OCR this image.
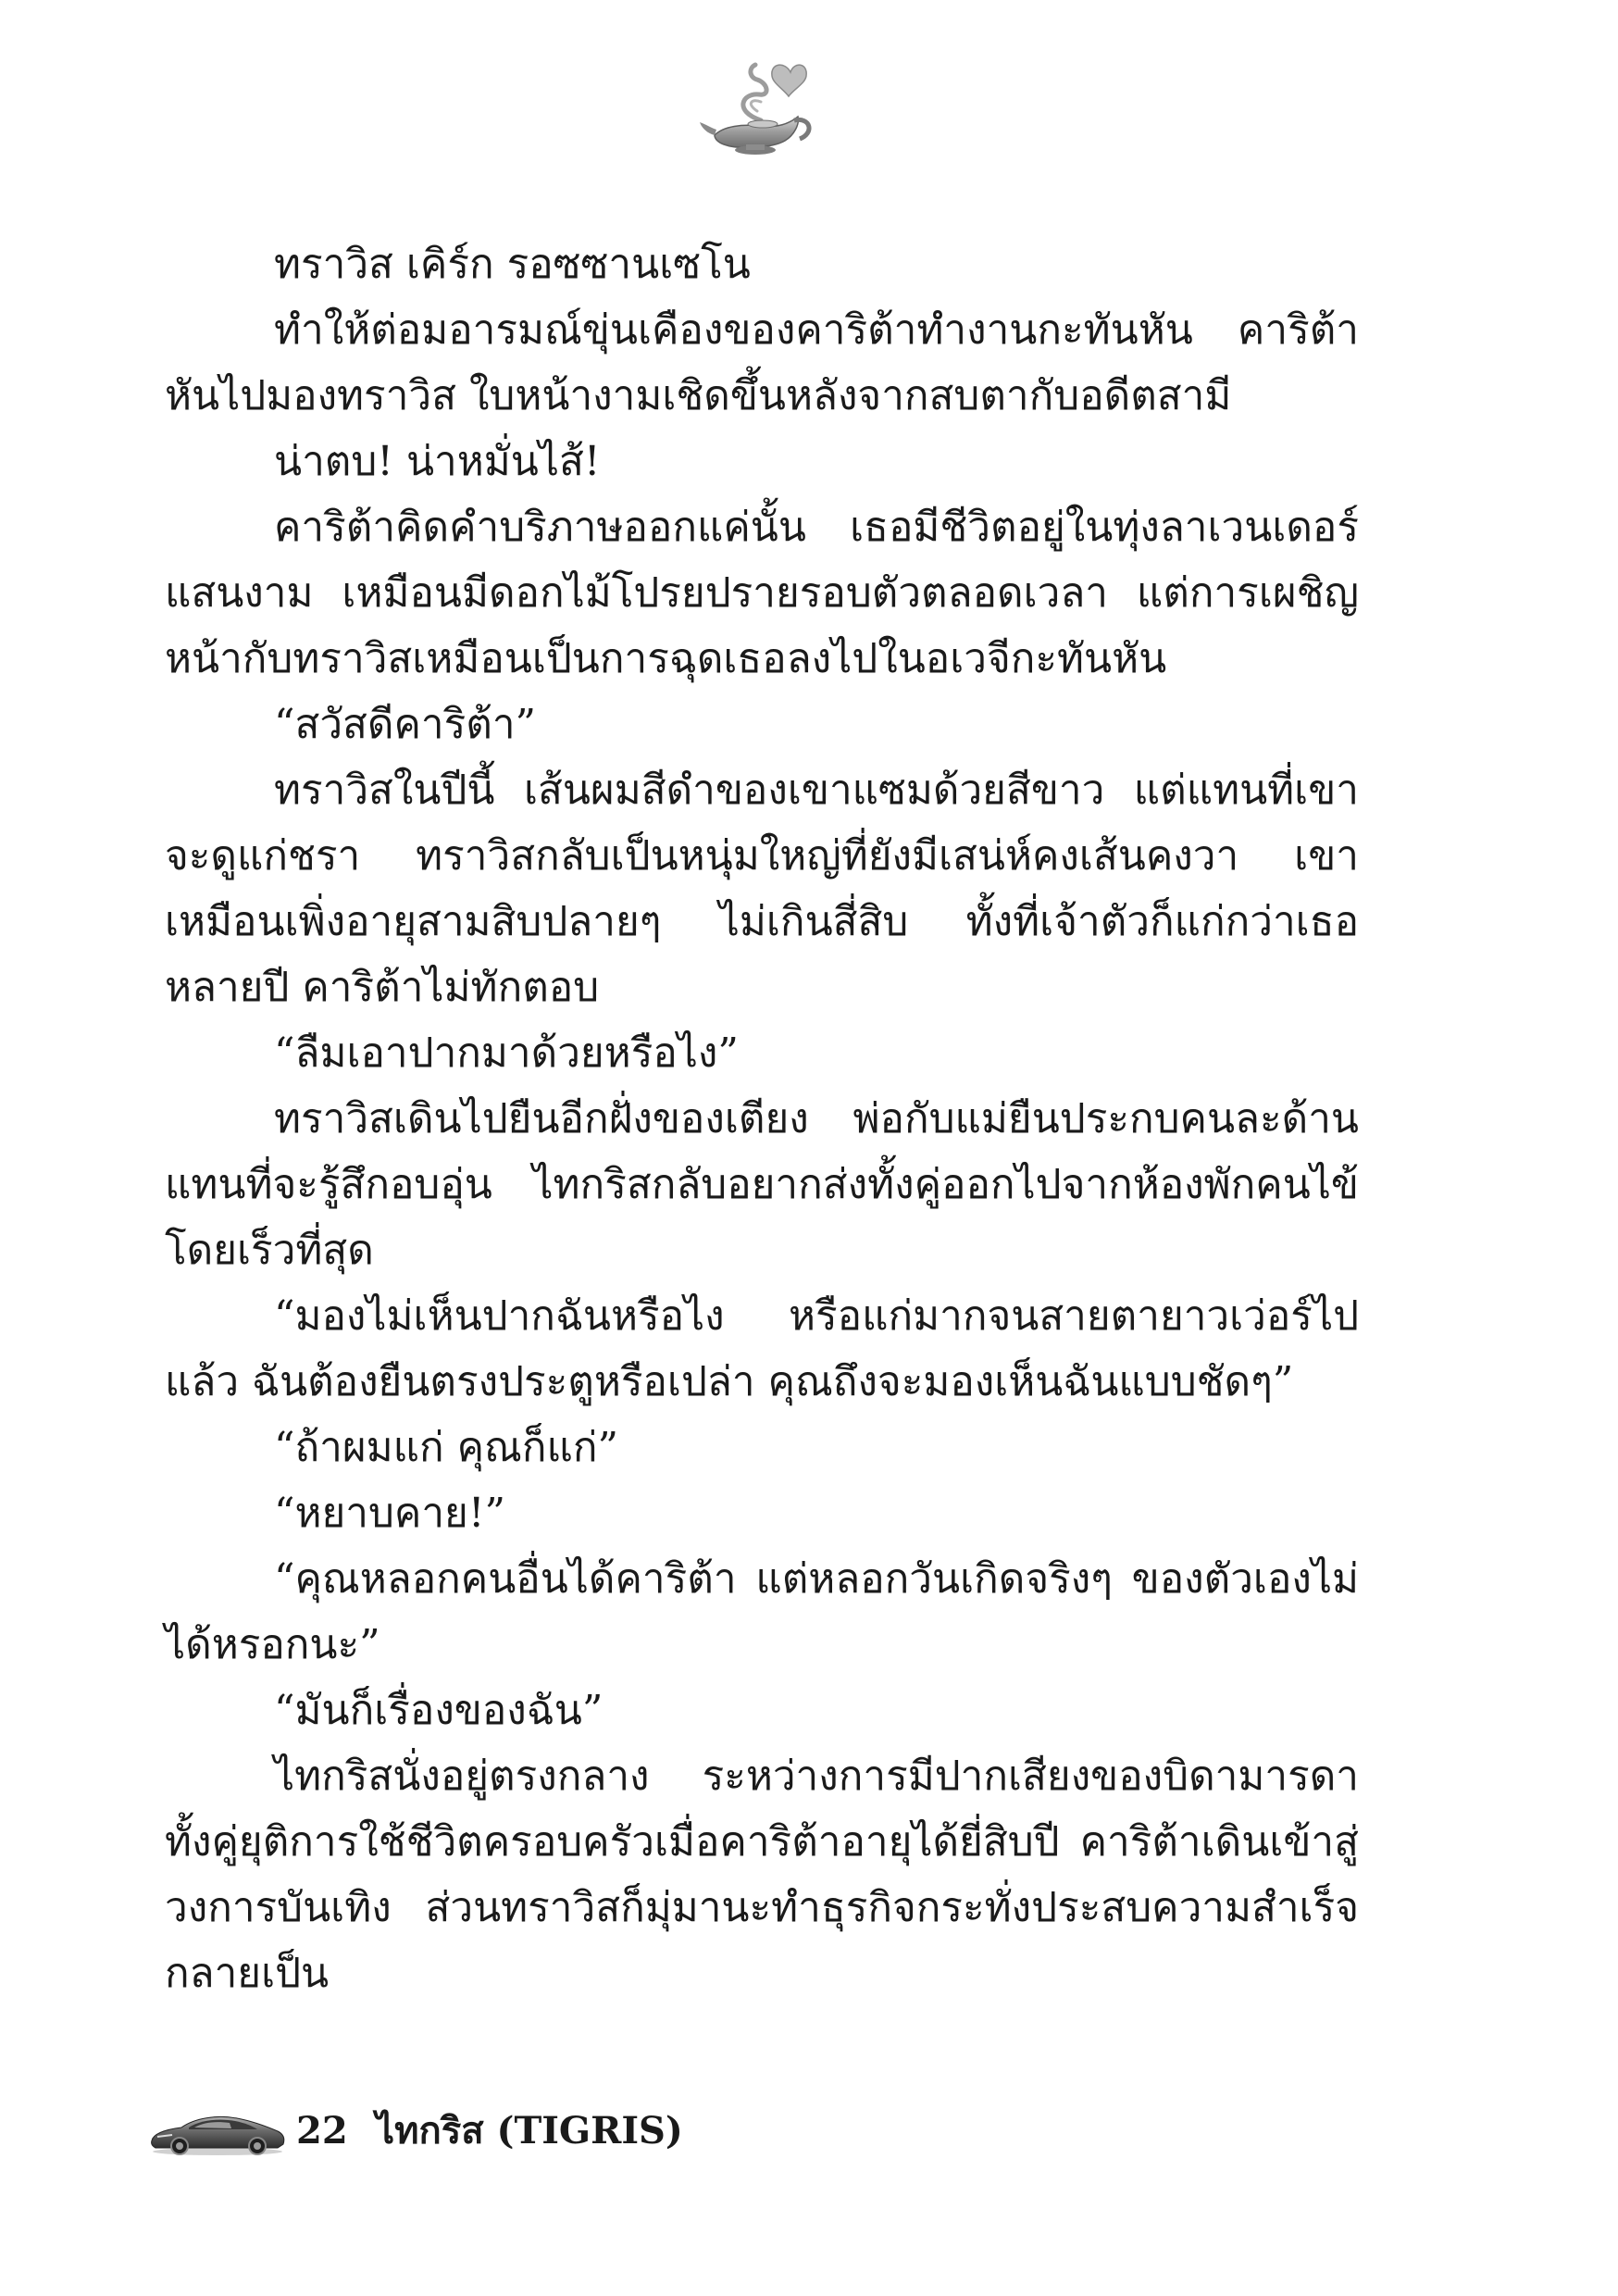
ทราวิส เคิร์ก รอซซานเซโน

ทำให้ต่อมอารมณ์ขุ่นเคืองของคาริต้าทำงานกะทันหัน คาริต้าหันไปมองทราวิส ใบหน้างามเชิดขึ้นหลังจากสบตากับอดีตสามี

น่าตบ! น่าหมั่นไส้!

คาริต้าคิดคำบริภาษออกแค่นั้น เธอมีชีวิตอยู่ในทุ่งลาเวนเดอร์แสนงาม เหมือนมีดอกไม้โปรยปรายรอบตัวตลอดเวลา แต่การเผชิญหน้ากับทราวิสเหมือนเป็นการฉุดเธอลงไปในอเวจีกะทันหัน

“สวัสดีคาริต้า”

ทราวิสในปีนี้ เส้นผมสีดำของเขาแซมด้วยสีขาว แต่แทนที่เขาจะดูแก่ชรา ทราวิสกลับเป็นหนุ่มใหญ่ที่ยังมีเสน่ห์คงเส้นคงวา เขาเหมือนเพิ่งอายุสามสิบปลายๆ ไม่เกินสี่สิบ ทั้งที่เจ้าตัวก็แก่กว่าเธอหลายปี คาริต้าไม่ทักตอบ

“ลืมเอาปากมาด้วยหรือไง”

ทราวิสเดินไปยืนอีกฝั่งของเตียง พ่อกับแม่ยืนประกบคนละด้าน แทนที่จะรู้สึกอบอุ่น ไทกริสกลับอยากส่งทั้งคู่ออกไปจากห้องพักคนไข้โดยเร็วที่สุด

“มองไม่เห็นปากฉันหรือไง หรือแก่มากจนสายตายาวเว่อร์ไปแล้ว ฉันต้องยืนตรงประตูหรือเปล่า คุณถึงจะมองเห็นฉันแบบชัดๆ”

“ถ้าผมแก่ คุณก็แก่”

“หยาบคาย!”

“คุณหลอกคนอื่นได้คาริต้า แต่หลอกวันเกิดจริงๆ ของตัวเองไม่ได้หรอกนะ”

“มันก็เรื่องของฉัน”

ไทกริสนั่งอยู่ตรงกลาง ระหว่างการมีปากเสียงของบิดามารดา ทั้งคู่ยุติการใช้ชีวิตครอบครัวเมื่อคาริต้าอายุได้ยี่สิบปี คาริต้าเดินเข้าสู่วงการบันเทิง ส่วนทราวิสก็มุ่มานะทำธุรกิจกระทั่งประสบความสำเร็จกลายเป็น

22 ไทกริส (TIGRIS)
